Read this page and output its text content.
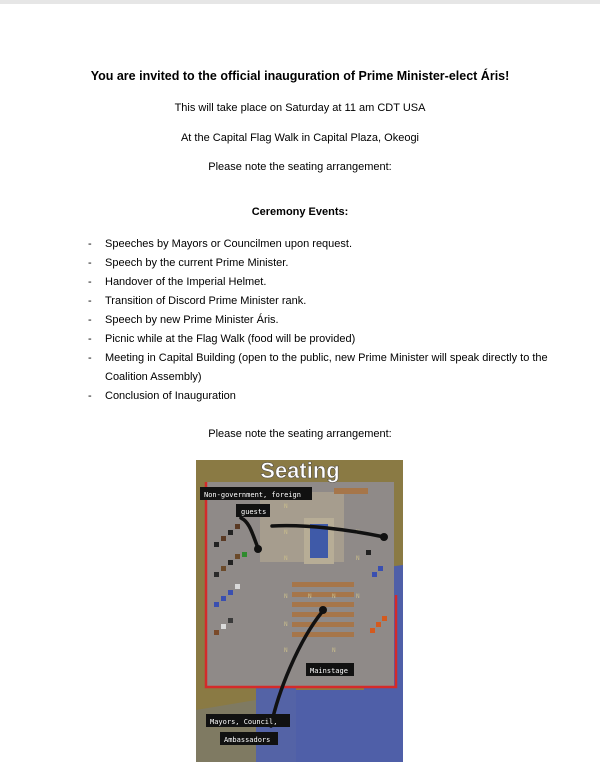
You are invited to the official inauguration of Prime Minister-elect Áris!
This will take place on Saturday at 11 am CDT USA
At the Capital Flag Walk in Capital Plaza, Okeogi
Please note the seating arrangement:
Ceremony Events:
- Speeches by Mayors or Councilmen upon request.
- Speech by the current Prime Minister.
- Handover of the Imperial Helmet.
- Transition of Discord Prime Minister rank.
- Speech by new Prime Minister Áris.
- Picnic while at the Flag Walk (food will be provided)
- Meeting in Capital Building (open to the public, new Prime Minister will speak directly to the Coalition Assembly)
- Conclusion of Inauguration
Please note the seating arrangement:
N
N
N
N	N	N	N
N
N
N
N	N
Seating
Non-government, foreign
guests
Mainstage
Mayors, Council,
Ambassadors
